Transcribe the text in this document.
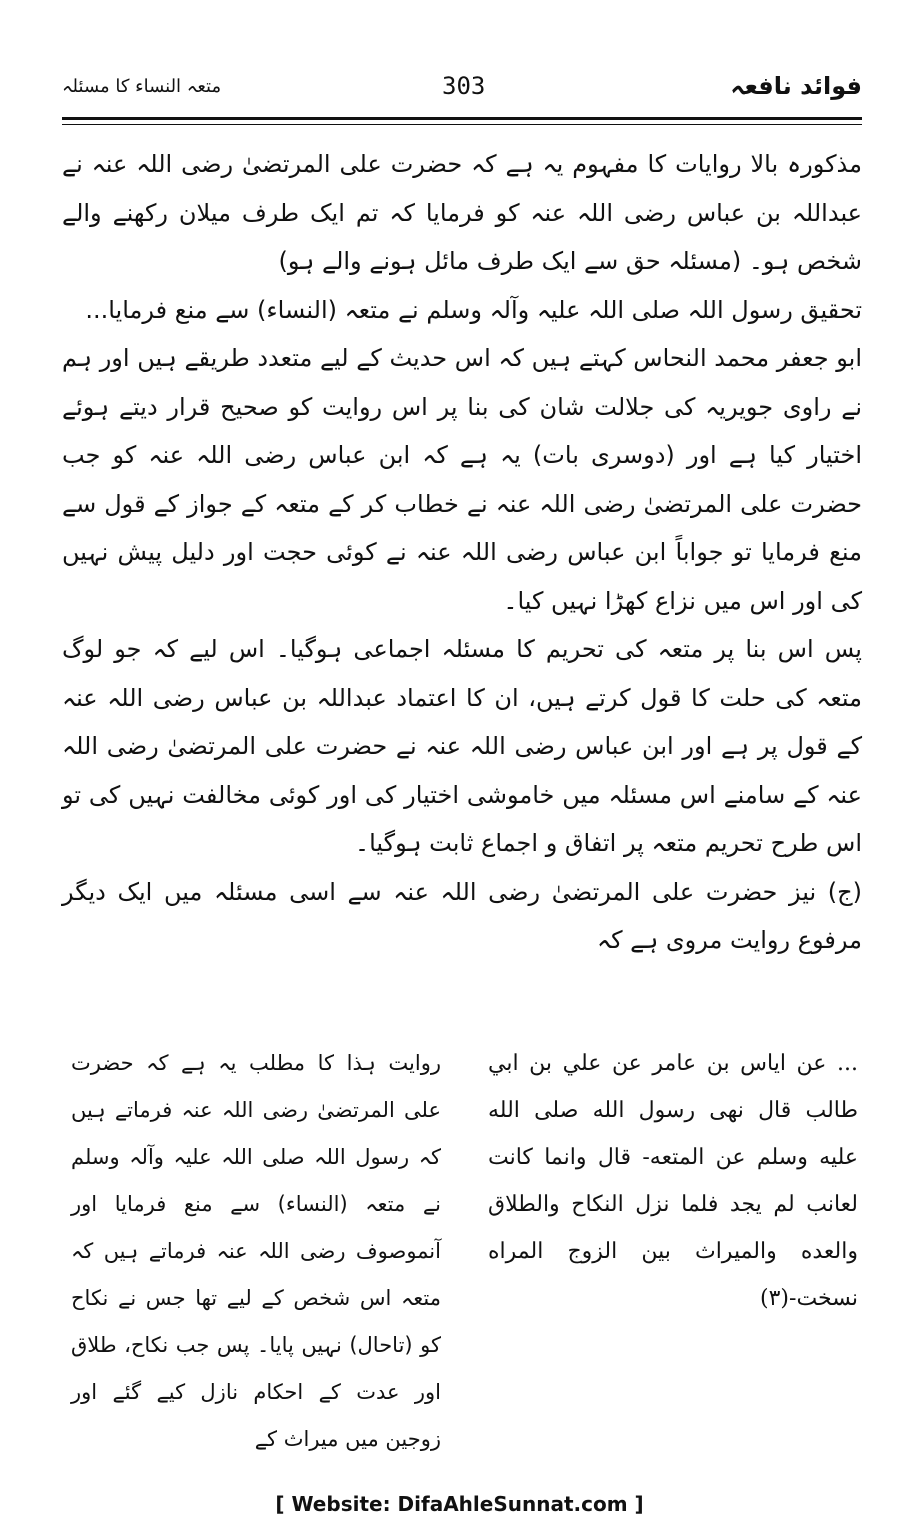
فوائد نافعہ
303
متعہ النساء کا مسئلہ

مذکورہ بالا روایات کا مفہوم یہ ہے کہ حضرت علی المرتضیٰ رضی اللہ عنہ نے عبداللہ بن عباس رضی اللہ عنہ کو فرمایا کہ تم ایک طرف میلان رکھنے والے شخص ہو۔ (مسئلہ حق سے ایک طرف مائل ہونے والے ہو)

تحقیق رسول اللہ صلی اللہ علیہ وآلہ وسلم نے متعہ (النساء) سے منع فرمایا...

ابو جعفر محمد النحاس کہتے ہیں کہ اس حدیث کے لیے متعدد طریقے ہیں اور ہم نے راوی جویریہ کی جلالت شان کی بنا پر اس روایت کو صحیح قرار دیتے ہوئے اختیار کیا ہے اور (دوسری بات) یہ ہے کہ ابن عباس رضی اللہ عنہ کو جب حضرت علی المرتضیٰ رضی اللہ عنہ نے خطاب کر کے متعہ کے جواز کے قول سے منع فرمایا تو جواباً ابن عباس رضی اللہ عنہ نے کوئی حجت اور دلیل پیش نہیں کی اور اس میں نزاع کھڑا نہیں کیا۔

پس اس بنا پر متعہ کی تحریم کا مسئلہ اجماعی ہوگیا۔ اس لیے کہ جو لوگ متعہ کی حلت کا قول کرتے ہیں، ان کا اعتماد عبداللہ بن عباس رضی اللہ عنہ کے قول پر ہے اور ابن عباس رضی اللہ عنہ نے حضرت علی المرتضیٰ رضی اللہ عنہ کے سامنے اس مسئلہ میں خاموشی اختیار کی اور کوئی مخالفت نہیں کی تو اس طرح تحریم متعہ پر اتفاق و اجماع ثابت ہوگیا۔

(ج) نیز حضرت علی المرتضیٰ رضی اللہ عنہ سے اسی مسئلہ میں ایک دیگر مرفوع روایت مروی ہے کہ

روایت ہذا کا مطلب یہ ہے کہ حضرت علی المرتضیٰ رضی اللہ عنہ فرماتے ہیں کہ رسول اللہ صلی اللہ علیہ وآلہ وسلم نے متعہ (النساء) سے منع فرمایا اور آنموصوف رضی اللہ عنہ فرماتے ہیں کہ متعہ اس شخص کے لیے تھا جس نے نکاح کو (تاحال) نہیں پایا۔ پس جب نکاح، طلاق اور عدت کے احکام نازل کیے گئے اور زوجین میں میراث کے

... عن اياس بن عامر عن علي بن ابي طالب قال نهى رسول الله صلى الله عليه وسلم عن المتعه- قال وانما كانت لعانب لم يجد فلما نزل النكاح والطلاق والعده والميراث بين الزوج المراه نسخت-(٣)

[ Website: DifaAhleSunnat.com ]
